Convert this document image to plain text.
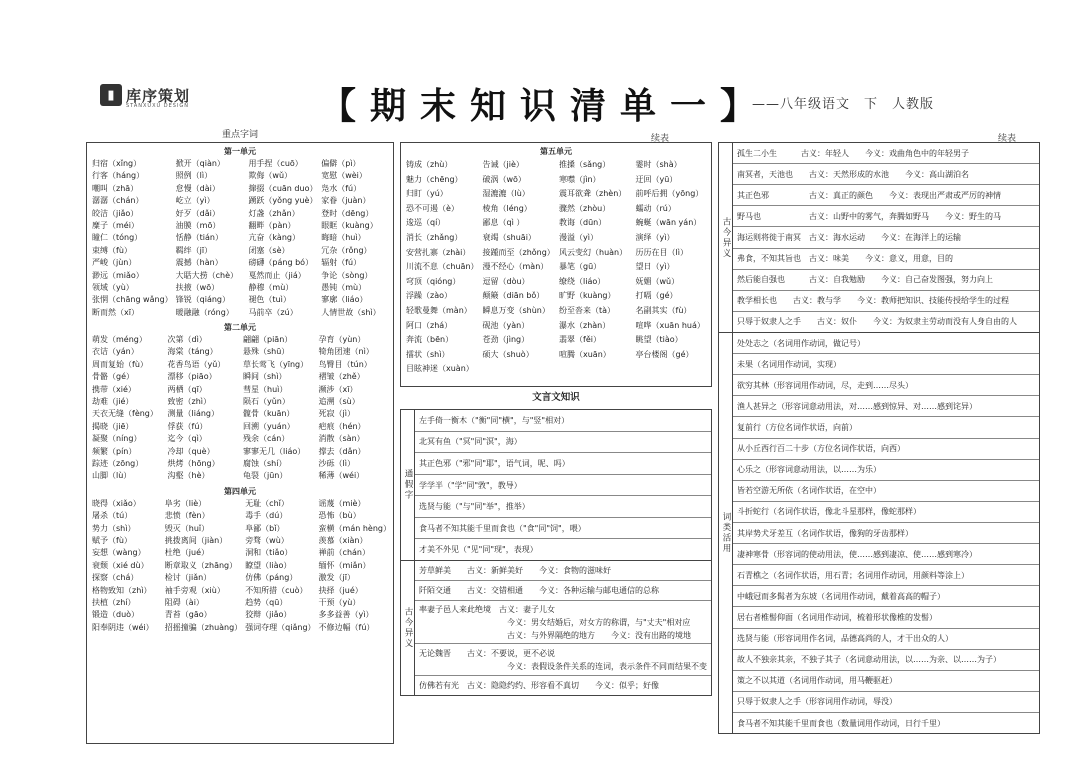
▮ 库序策划
STANXUXU DESIGN	【期末知识清单一】
——八年级语文　下　人教版
重点字词
第一单元
归宿（xǐng）	掀开（qiàn）	用手捏（cuō）	偏僻（pì）
行客（háng）	照例（lì）	欺侮（wǔ）	宽慰（wèi）
嘲叫（zhā）	怠慢（dài）	撺掇（cuān duo） 凫水（fú）
潺潺（chán）	屹立（yì）	踴跃（yǒng yuè） 家眷（juàn）
皎洁（jiǎo）	好歹（dǎi）	灯盏（zhǎn）	登时（dēng）
糜子（méi）	油膜（mō）	翻畔（pàn）	眼眶（kuàng）
瞳仁（tóng）	恬静（tián）	亢奋（kàng）	晦暗（huì）
束缚（fù）	羁绊（jī）	闭塞（sè）	冗杂（rǒng）
严峻（jùn）	震撼（hàn）	磅礴（páng bó）	辐射（fú）
渺远（miǎo）	大聒大捞（chè）	戛然而止（jiá）	争论（sòng）
领域（yù）	扶掖（wō）	静穆（mù）	愚钝（mù）
张惘（chāng wǎng） 锋锐（qiáng）	褪色（tuì）	寥廓（liáo）
断而然（xī）	暖融融（róng）	马前卒（zú）	人情世故（shì）
第二单元
萌发（méng）	次第（dì）	翩翩（piān）	孕育（yùn）
衣诘（yán）	海棠（táng）	悬殊（shū）	犄角团速（nì）
周而复始（fù）	花香鸟语（yǔ）	草长莺飞（yīng）	鸟臀目（tún）
骨骼（gé）	漂移（piāo）	瞬间（shì）	褶皱（zhě）
携带（xié）	两栖（qī）	彗星（huì）	濒涉（xī）
劫难（jié）	致密（zhì）	陨石（yǔn）	追溯（sù）
天衣无缝（fèng）	测量（liáng）	髋骨（kuān）	死寂（jì）
揭晓（jiē）	俘获（fú）	回溯（yuán）	疤痕（hén）
凝聚（níng）	迄今（qì）	残余（cán）	消散（sàn）
频繁（pín）	冷却（què）	寥寥无几（liáo）	撑去（dǎn）
踪迹（zōng）	烘烤（hōng）	腐蚀（shí）	沙砾（lì）
山脚（lù）	沟壑（hè）	龟裂（jūn）	稀薄（wéi）
第四单元
晓得（xiǎo）	阜劣（liè）	无耻（chǐ）	谣蔑（miè）
屠杀（tú）	悲愤（fèn）	毒手（dú）	恐怖（bù）
势力（shì）	毁灭（huǐ）	阜鄙（bǐ）	蛮横（mán hèng）
赋予（fù）	挑拨离间（jiàn）	旁骛（wù）	羡慕（xiàn）
妄想（wàng）	杜绝（jué）	洞和（tiǎo）	禅前（chán）
衰颓（xié dù）	断章取义（zhāng）	瞭望（liào）	缅怀（miǎn）
探察（chá）	检讨（jiǎn）	仿佛（páng）	激发（jī）
格物致知（zhì）	袖手旁观（xiù）	不知所措（cuò）	抉择（jué）
扶植（zhí）	阻碍（ài）	趋势（qū）	干预（yù）
锻造（duò）	青苔（gāo）	狡辩（jiǎo）	多多益善（yì）
阳奉阴违（wéi）	招摇撞骗（zhuàng） 强词夺理（qiǎng） 不修边幅（fú）
续表
第五单元
铸成（zhù）	告诫（jiè）	推搡（sǎng）	霎时（shà）
魅力（chēng）	破涡（wō）	寒噤（jìn）	迂回（yū）
归盯（yú）	湿漉漉（lù）	震耳欲聋（zhèn）	前呼后拥（yōng）
恐不可遏（è）	棱角（léng）	骤然（zhòu）	蠕动（rú）
逡巡（qí）	鄙息（qì ）	教诲（dūn）	蜿蜒（wān yán）
消长（zhǎng）	衰竭（shuāi）	漫溢（yì）	演绎（yì）
安营扎寨（zhài）	接踵而至（zhǒng） 风云变幻（huàn）	历历在目（lì）
川流不息（chuān） 漫不经心（màn）	暴笔（gū）	望日（yì）
穹顶（qióng）	逗留（dòu）	缭绕（liáo）	妩媚（wǔ）
浮躁（zào）	颠簸（diān bǒ）	旷野（kuàng）	打嗝（gé）
轻歌曼舞（màn）	瞬息万变（shùn）	纷至沓来（tà）	名副其实（fù）
阿口（zhá）	砚池（yàn）	瀑水（zhàn）	喧哗（xuān huá）
奔流（bēn）	苍劲（jìng）	翡翠（fěi）	眺望（tiào）
擂状（shì）	硕大（shuò）	喧腾（xuān）	亭台楼阁（gé）
目眩神迷（xuàn）
文言文知识
通假字
左手倚一衡木（"衡"同"横"，与"竖"相对）
北冥有鱼（"冥"同"溟"，海）
其正色邪（"邪"同"耶"，语气词，呢、吗）
学学半（"学"同"敩"，教导）
选贤与能（"与"同"举"，推举）
食马者不知其能千里而食也（"食"同"饲"，喂）
才美不外见（"见"同"现"，表现）
古今异义
芳草鲜美　　古义：新鲜美好　　今义：食物的滋味好
阡陌交通　　古义：交错相通　　今义：各种运输与邮电通信的总称
率妻子邑人来此绝境　古义：妻子儿女
今义：男女结婚后，对女方的称谓，与"丈夫"相对应
古义：与外界隔绝的地方　　今义：没有出路的境地
无论魏晋　　古义：不要说，更不必说
今义：表假设条件关系的连词，表示条件不同而结果不变
仿佛若有光　古义：隐隐约约、形容看不真切　　今义：似乎；好像
续表
古今异义
孤生二小生　　　古义：年轻人　　今义：戏曲角色中的年轻男子
南冥者，天池也　　古义：天然形成的水池　　今义：高山湖泊名
其正色邪　　　　　古义：真正的颜色　　今义：表现出严肃或严厉的神情
野马也　　　　　　古义：山野中的雾气，奔腾如野马　　今义：野生的马
海运则将徙于南冥　古义：海水运动　　今义：在海洋上的运输
弗食，不知其旨也　古义：味美　　今义：意义，用意，目的
然后能自强也　　　古义：自我勉励　　今义：自己奋发图强，努力向上
教学相长也　　古义：教与学　　今义：教师把知识、技能传授给学生的过程
只辱于奴隶人之手　　古义：奴仆　　今义：为奴隶主劳动而没有人身自由的人
词类活用
处处志之（名词用作动词，做记号）
未果（名词用作动词，实现）
欲穷其林（形容词用作动词，尽，走到……尽头）
渔人甚异之（形容词意动用法，对……感到惊异、对……感到诧异）
复前行（方位名词作状语，向前）
从小丘西行百二十步（方位名词作状语，向西）
心乐之（形容词意动用法，以……为乐）
皆若空游无所依（名词作状语，在空中）
斗折蛇行（名词作状语，像北斗星那样，像蛇那样）
其岸势犬牙差互（名词作状语，像狗的牙齿那样）
凄神寒骨（形容词的使动用法，使……感到凄凉、使……感到寒冷）
石青樵之（名词作状语，用石青；名词用作动词，用颜料等涂上）
中峨冠而多髯者为东坡（名词用作动词，戴着高高的帽子）
居右者椎髻仰面（名词用作动词，梳着形状像椎的发髻）
选贤与能（形容词用作名词，品德高尚的人，才干出众的人）
故人不独亲其亲，不独子其子（名词意动用法，以……为亲、以……为子）
策之不以其道（名词用作动词，用马鞭驱赶）
只辱于奴隶人之手（形容词用作动词，辱没）
食马者不知其能千里而食也（数量词用作动词，日行千里）
